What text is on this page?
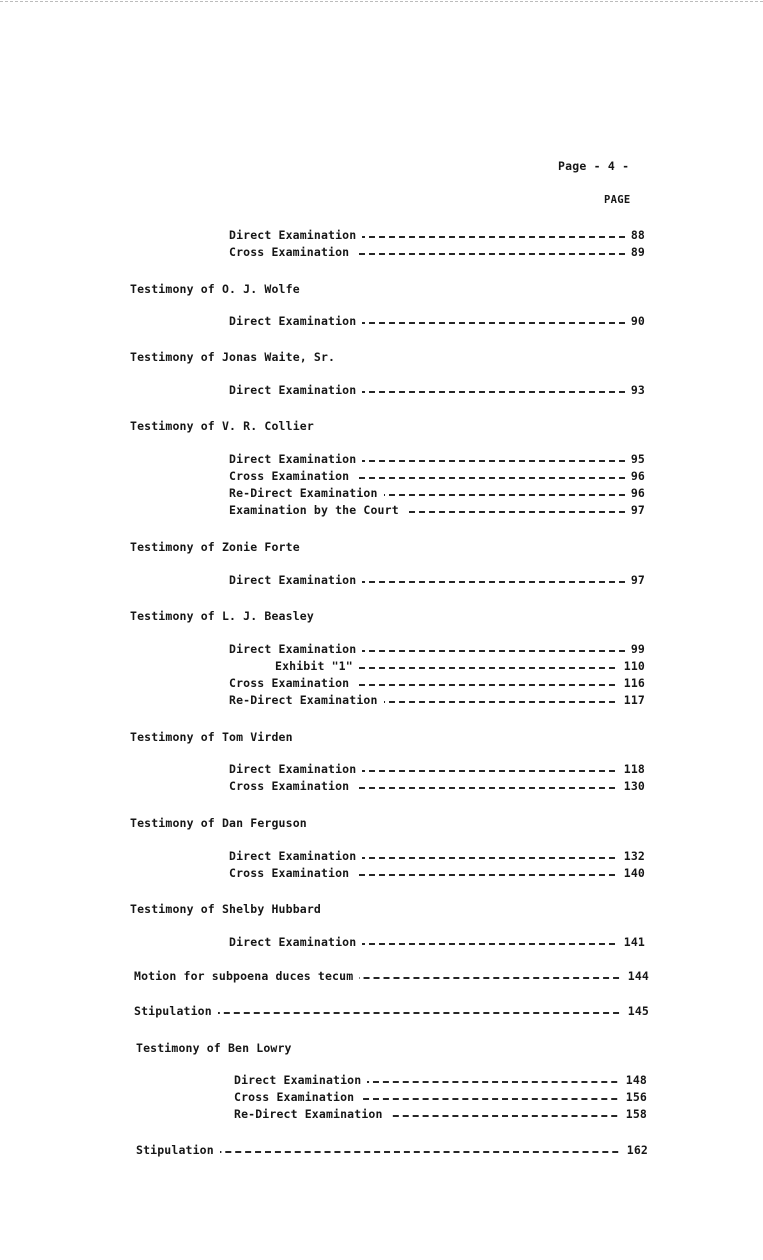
Page - 4 -
PAGE
Direct Examination	88
Cross Examination	89
Testimony of O. J. Wolfe
Direct Examination	90
Testimony of Jonas Waite, Sr.
Direct Examination	93
Testimony of V. R. Collier
Direct Examination	95
Cross Examination	96
Re-Direct Examination	96
Examination by the Court	97
Testimony of Zonie Forte
Direct Examination	97
Testimony of L. J. Beasley
Direct Examination	99
Exhibit "1"	110
Cross Examination	116
Re-Direct Examination	117
Testimony of Tom Virden
Direct Examination	118
Cross Examination	130
Testimony of Dan Ferguson
Direct Examination	132
Cross Examination	140
Testimony of Shelby Hubbard
Direct Examination	141
Motion for subpoena duces tecum	144
Stipulation	145
Testimony of Ben Lowry
Direct Examination	148
Cross Examination	156
Re-Direct Examination	158
Stipulation	162
